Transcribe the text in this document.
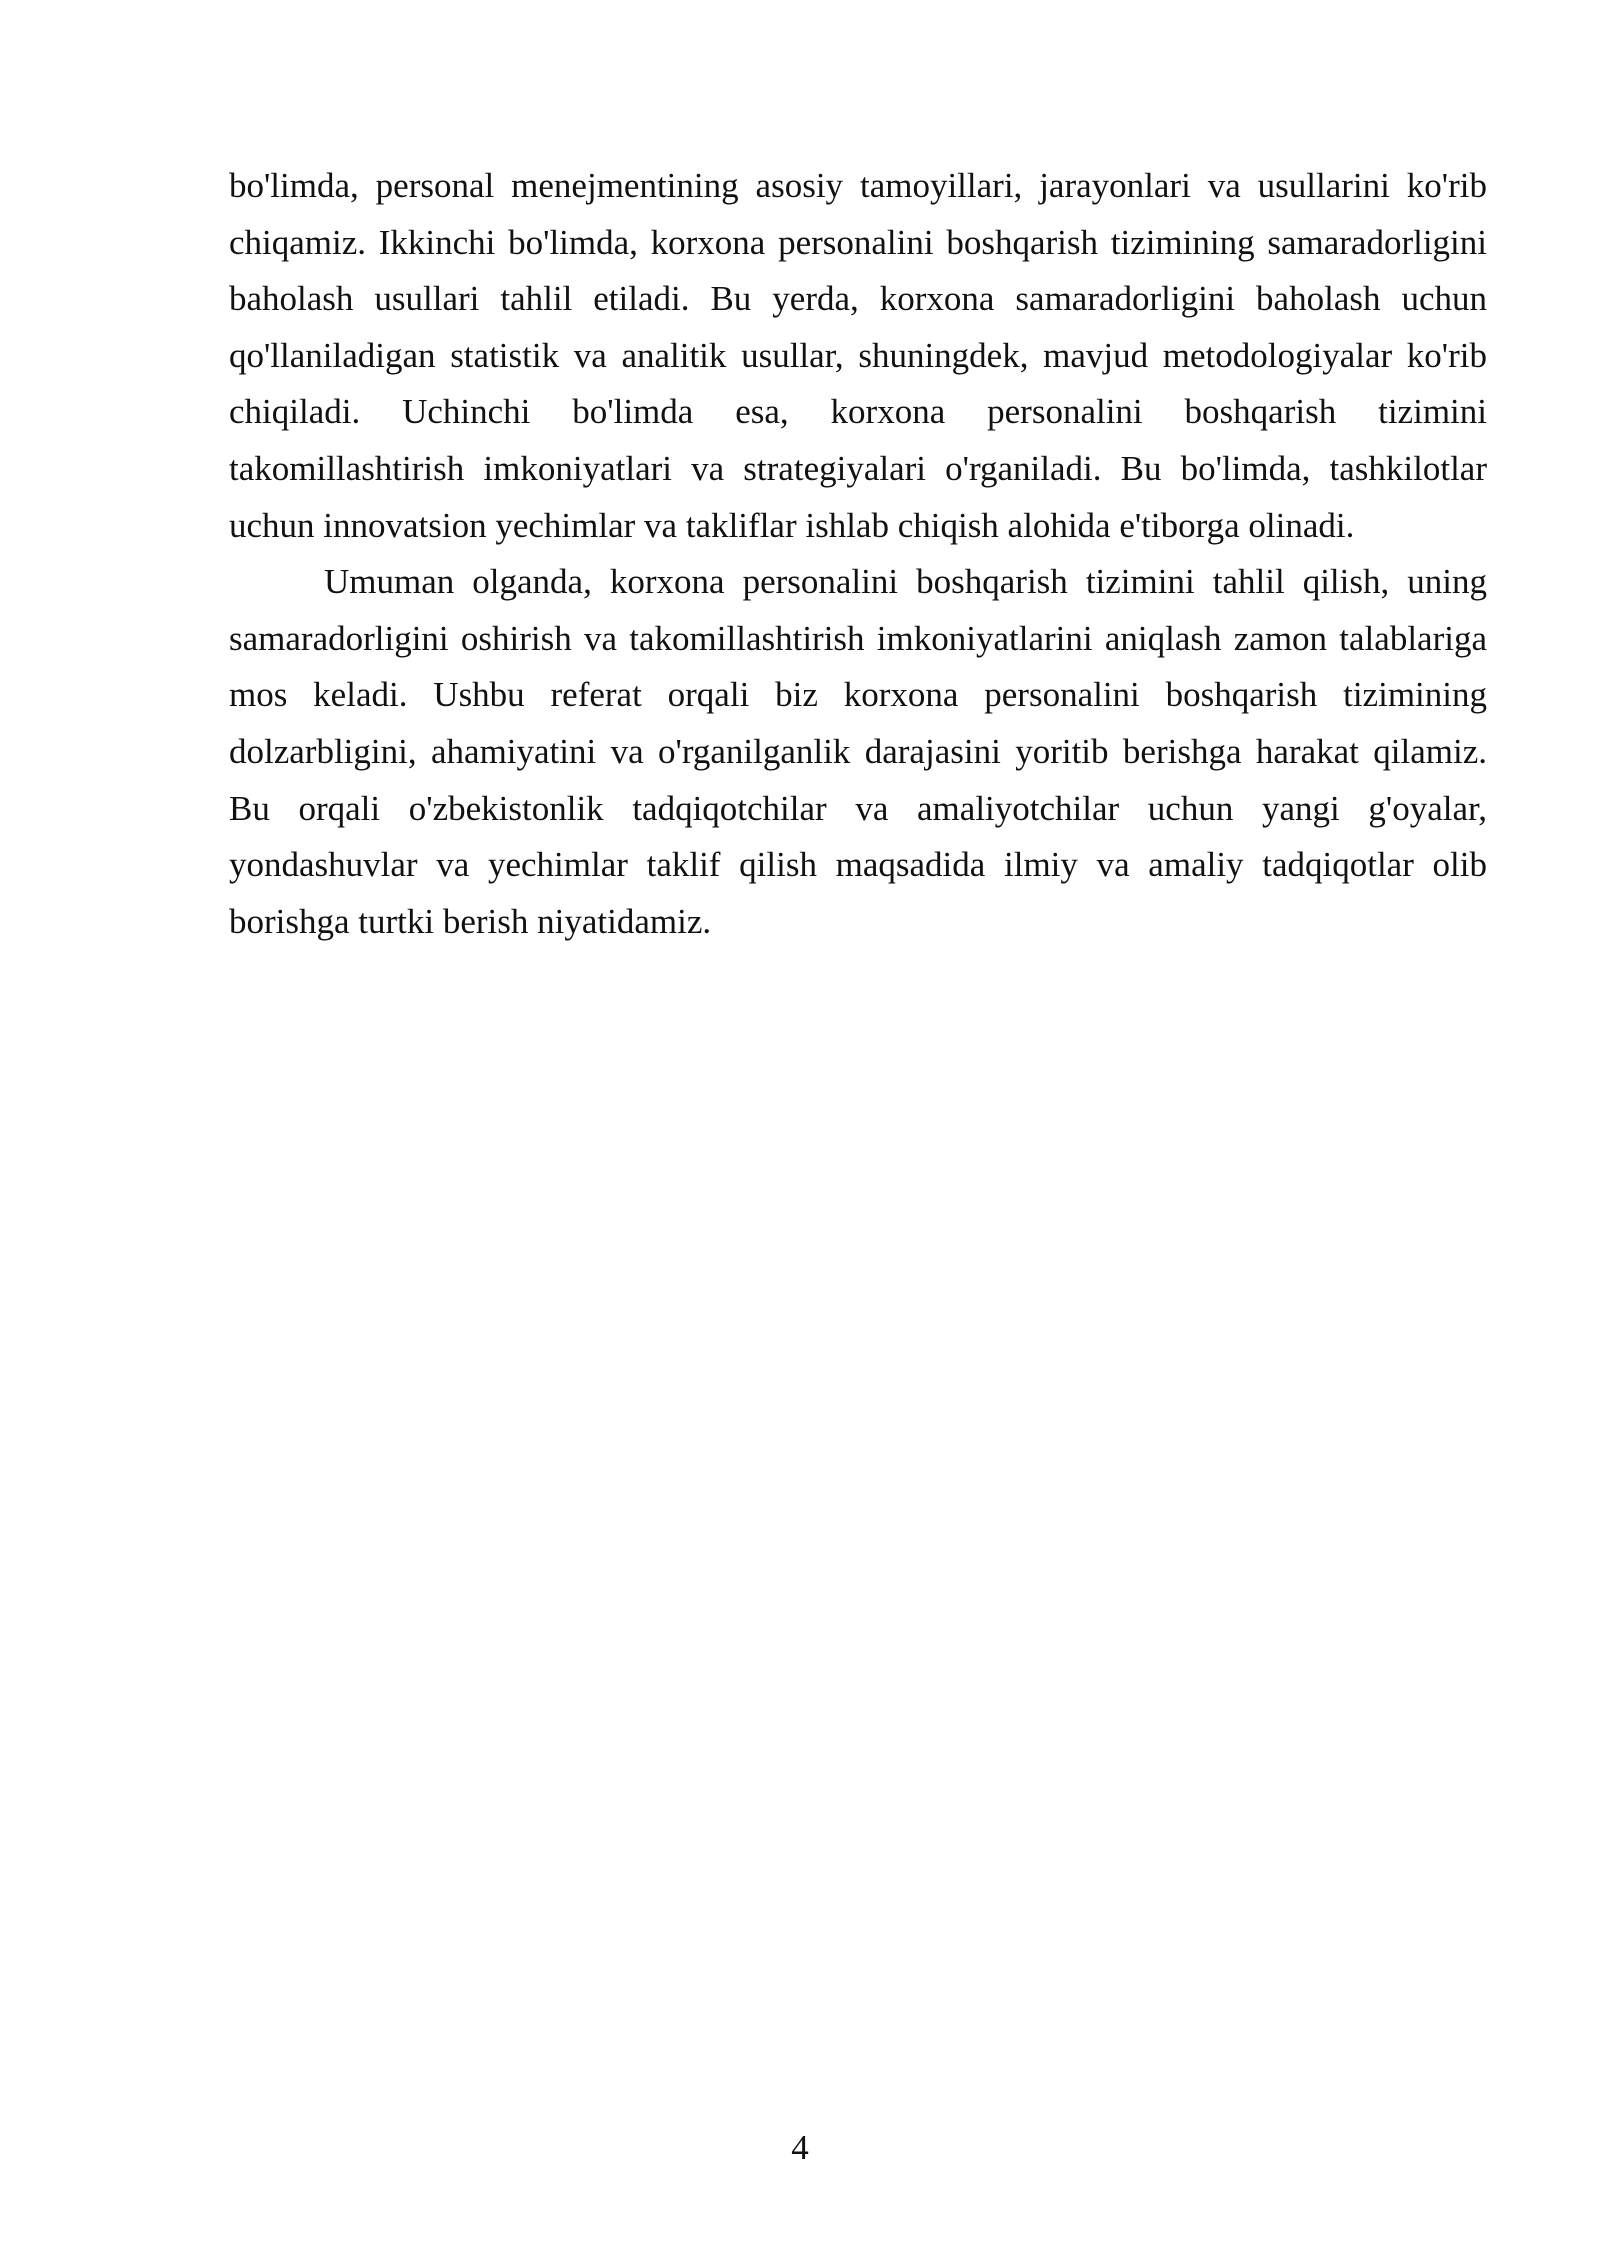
bo'limda, personal menejmentining asosiy tamoyillari, jarayonlari va usullarini ko'rib chiqamiz. Ikkinchi bo'limda, korxona personalini boshqarish tizimining samaradorligini baholash usullari tahlil etiladi. Bu yerda, korxona samaradorligini baholash uchun qo'llaniladigan statistik va analitik usullar, shuningdek, mavjud metodologiyalar ko'rib chiqiladi. Uchinchi bo'limda esa, korxona personalini boshqarish tizimini takomillashtirish imkoniyatlari va strategiyalari o'rganiladi. Bu bo'limda, tashkilotlar uchun innovatsion yechimlar va takliflar ishlab chiqish alohida e'tiborga olinadi.

Umuman olganda, korxona personalini boshqarish tizimini tahlil qilish, uning samaradorligini oshirish va takomillashtirish imkoniyatlarini aniqlash zamon talablariga mos keladi. Ushbu referat orqali biz korxona personalini boshqarish tizimining dolzarbligini, ahamiyatini va o'rganilganlik darajasini yoritib berishga harakat qilamiz. Bu orqali o'zbekistonlik tadqiqotchilar va amaliyotchilar uchun yangi g'oyalar, yondashuvlar va yechimlar taklif qilish maqsadida ilmiy va amaliy tadqiqotlar olib borishga turtki berish niyatidamiz.

4
